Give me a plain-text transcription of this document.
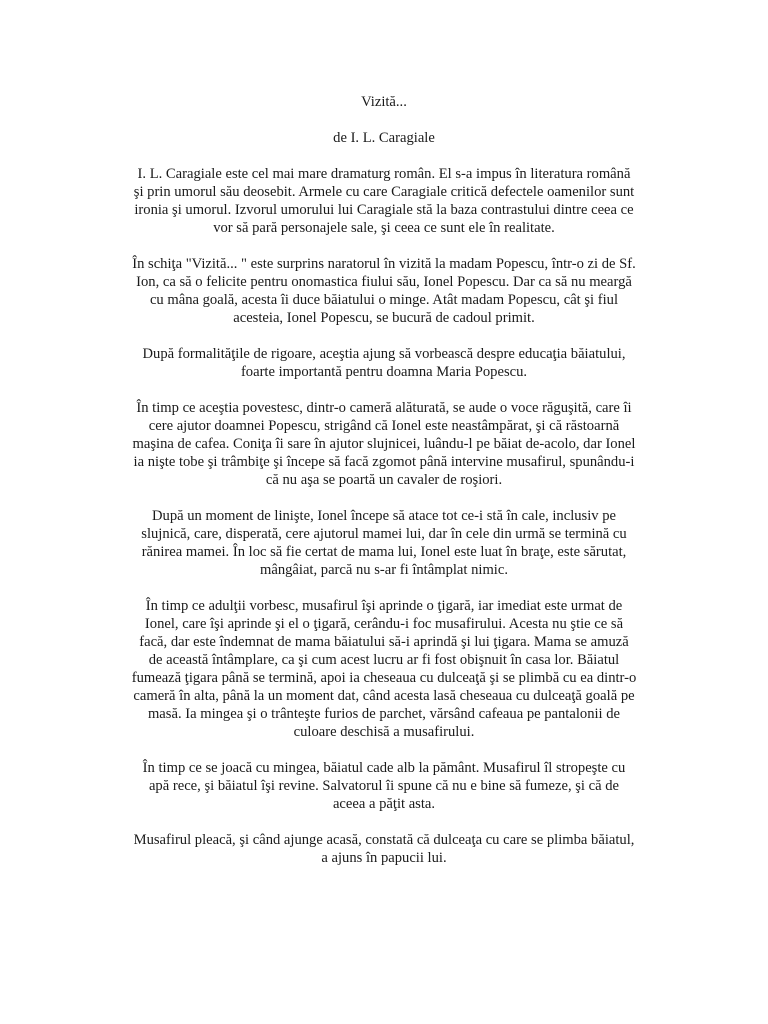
Vizită...
de I. L. Caragiale
I. L. Caragiale este cel mai mare dramaturg român. El s-a impus în literatura română
şi prin umorul său deosebit. Armele cu care Caragiale critică defectele oamenilor sunt
ironia şi umorul. Izvorul umorului lui Caragiale stă la baza contrastului dintre ceea ce
vor să pară personajele sale, şi ceea ce sunt ele în realitate.
În schiţa "Vizită... " este surprins naratorul în vizită la madam Popescu, într-o zi de Sf.
Ion, ca să o felicite pentru onomastica fiului său, Ionel Popescu. Dar ca să nu meargă
cu mâna goală, acesta îi duce băiatului o minge. Atât madam Popescu, cât şi fiul
acesteia, Ionel Popescu, se bucură de cadoul primit.
După formalităţile de rigoare, aceştia ajung să vorbească despre educaţia băiatului,
foarte importantă pentru doamna Maria Popescu.
În timp ce aceştia povestesc, dintr-o cameră alăturată, se aude o voce răguşită, care îi
cere ajutor doamnei Popescu, strigând că Ionel este neastâmpărat, şi că răstoarnă
maşina de cafea. Coniţa îi sare în ajutor slujnicei, luându-l pe băiat de-acolo, dar Ionel
ia nişte tobe şi trâmbiţe şi începe să facă zgomot până intervine musafirul, spunându-i
că nu aşa se poartă un cavaler de roşiori.
După un moment de linişte, Ionel începe să atace tot ce-i stă în cale, inclusiv pe
slujnică, care, disperată, cere ajutorul mamei lui, dar în cele din urmă se termină cu
rănirea mamei. În loc să fie certat de mama lui, Ionel este luat în braţe, este sărutat,
mângâiat, parcă nu s-ar fi întâmplat nimic.
În timp ce adulţii vorbesc, musafirul îşi aprinde o ţigară, iar imediat este urmat de
Ionel, care îşi aprinde şi el o ţigară, cerându-i foc musafirului. Acesta nu ştie ce să
facă, dar este îndemnat de mama băiatului să-i aprindă şi lui ţigara. Mama se amuză
de această întâmplare, ca şi cum acest lucru ar fi fost obişnuit în casa lor. Băiatul
fumează ţigara până se termină, apoi ia cheseaua cu dulceaţă şi se plimbă cu ea dintr-o
cameră în alta, până la un moment dat, când acesta lasă cheseaua cu dulceaţă goală pe
masă. Ia mingea şi o trânteşte furios de parchet, vărsând cafeaua pe pantalonii de
culoare deschisă a musafirului.
În timp ce se joacă cu mingea, băiatul cade alb la pământ. Musafirul îl stropeşte cu
apă rece, şi băiatul îşi revine. Salvatorul îi spune că nu e bine să fumeze, şi că de
aceea a păţit asta.
Musafirul pleacă, şi când ajunge acasă, constată că dulceaţa cu care se plimba băiatul,
a ajuns în papucii lui.
